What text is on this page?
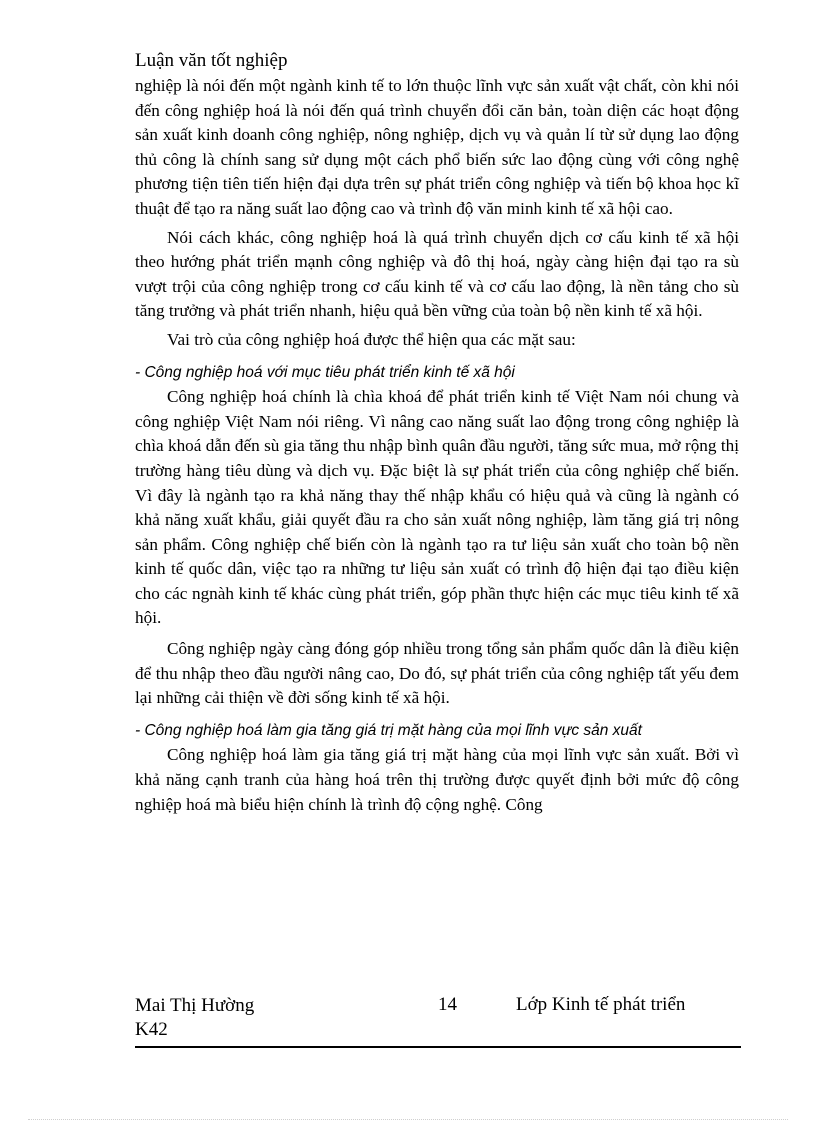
Luận văn tốt nghiệp

nghiệp là nói đến một ngành kinh tế to lớn thuộc lĩnh vực sản xuất vật chất, còn khi nói đến công nghiệp hoá là nói đến quá trình chuyển đổi căn bản, toàn diện các hoạt động sản xuất kinh doanh công nghiệp, nông nghiệp, dịch vụ và quản lí từ sử dụng lao động thủ công là chính sang sử dụng một cách phổ biến sức lao động cùng với công nghệ phương tiện tiên tiến hiện đại dựa trên sự phát triển công nghiệp và tiến bộ khoa học kĩ thuật để tạo ra năng suất lao động cao và trình độ văn minh kinh tế xã hội cao.

Nói cách khác, công nghiệp hoá là quá trình chuyển dịch cơ cấu kinh tế xã hội theo hướng phát triển mạnh công nghiệp và đô thị hoá, ngày càng hiện đại tạo ra sù vượt trội của công nghiệp trong cơ cấu kinh tế và cơ cấu lao động, là nền tảng cho sù tăng trưởng và phát triển nhanh, hiệu quả bền vững của toàn bộ nền kinh tế xã hội.

Vai trò của công nghiệp hoá được thể hiện qua các mặt sau:

- Công nghiệp hoá với mục tiêu phát triển kinh tế xã hội

Công nghiệp hoá chính là chìa khoá để phát triển kinh tế Việt Nam nói chung và công nghiệp Việt Nam nói riêng. Vì nâng cao năng suất lao động trong công nghiệp là chìa khoá dẫn đến sù gia tăng thu nhập bình quân đầu người, tăng sức mua, mở rộng thị trường hàng tiêu dùng và dịch vụ. Đặc biệt là sự phát triển của công nghiệp chế biến. Vì đây là ngành tạo ra khả năng thay thế nhập khẩu có hiệu quả và cũng là ngành có khả năng xuất khẩu, giải quyết đầu ra cho sản xuất nông nghiệp, làm tăng giá trị nông sản phẩm. Công nghiệp chế biến còn là ngành tạo ra tư liệu sản xuất cho toàn bộ nền kinh tế quốc dân, việc tạo ra những tư liệu sản xuất có trình độ hiện đại tạo điều kiện cho các ngnàh kinh tế khác cùng phát triển, góp phần thực hiện các mục tiêu kinh tế xã hội.

Công nghiệp ngày càng đóng góp nhiều trong tổng sản phẩm quốc dân là điều kiện để thu nhập theo đầu người nâng cao, Do đó, sự phát triển của công nghiệp tất yếu đem lại những cải thiện về đời sống kinh tế xã hội.

- Công nghiệp hoá làm gia tăng giá trị mặt hàng của mọi lĩnh vực sản xuất

Công nghiệp hoá làm gia tăng giá trị mặt hàng của mọi lĩnh vực sản xuất. Bởi vì khả năng cạnh tranh của hàng hoá trên thị trường được quyết định bởi mức độ công nghiệp hoá mà biểu hiện chính là trình độ cộng nghệ. Công

Mai Thị Hường
K42
14	Lớp Kinh tế phát triển
